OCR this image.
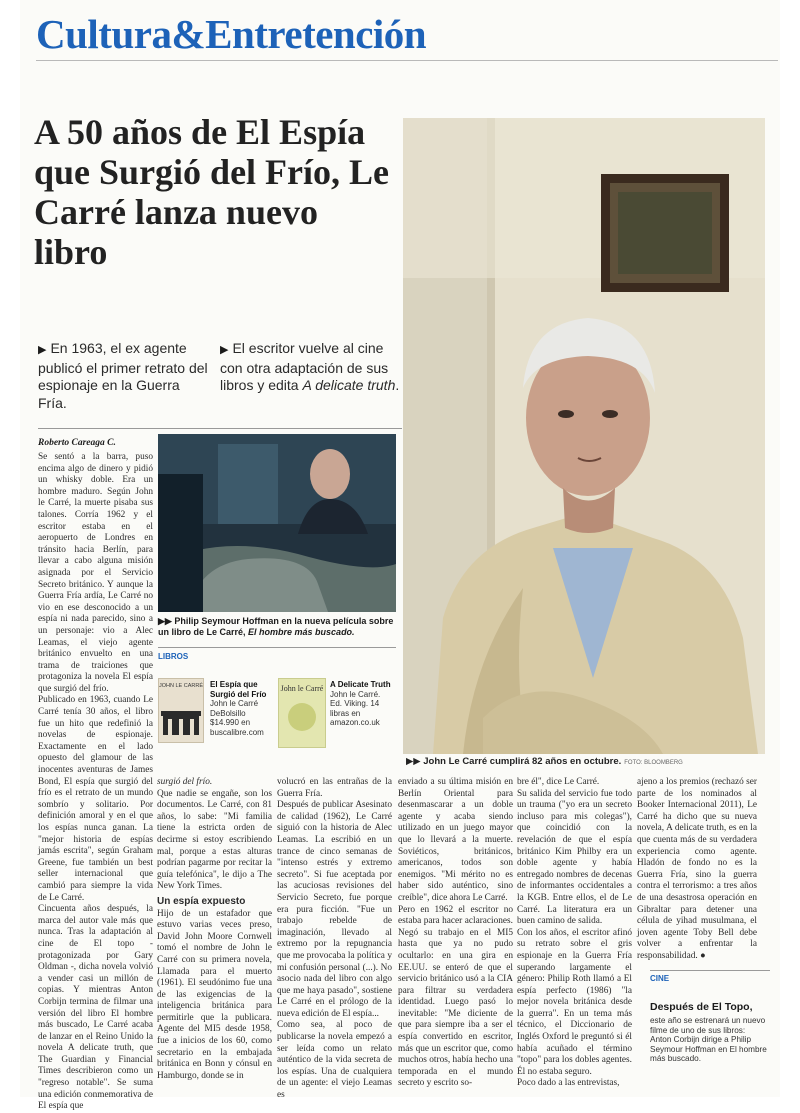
Cultura&Entretención
A 50 años de El Espía que Surgió del Frío, Le Carré lanza nuevo libro
▶ En 1963, el ex agente publicó el primer retrato del espionaje en la Guerra Fría.
▶ El escritor vuelve al cine con otra adaptación de sus libros y edita A delicate truth.
▶▶ John Le Carré cumplirá 82 años en octubre. FOTO: BLOOMBERG
Roberto Careaga C.

Se sentó a la barra, puso encima algo de dinero y pidió un whisky doble. Era un hombre maduro. Según John le Carré, la muerte pisaba sus talones. Corría 1962 y el escritor estaba en el aeropuerto de Londres en tránsito hacia Berlín, para llevar a cabo alguna misión asignada por el Servicio Secreto británico. Y aunque la Guerra Fría ardía, Le Carré no vio en ese desconocido a un espía ni nada parecido, sino a un personaje: vio a Alec Leamas, el viejo agente británico envuelto en una trama de traiciones que protagoniza la novela El espía que surgió del frío.

Publicado en 1963, cuando Le Carré tenía 30 años, el libro fue un hito que redefinió la novelas de espionaje. Exactamente en el lado opuesto del glamour de las inocentes aventuras de James Bond, El espía que surgió del frío es el retrato de un mundo sombrío y solitario. Por definición amoral y en el que los espías nunca ganan. La "mejor historia de espías jamás escrita", según Graham Greene, fue también un best seller internacional que cambió para siempre la vida de Le Carré.

Cincuenta años después, la marca del autor vale más que nunca. Tras la adaptación al cine de El topo - protagonizada por Gary Oldman -, dicha novela volvió a vender casi un millón de copias. Y mientras Anton Corbijn termina de filmar una versión del libro El hombre más buscado, Le Carré acaba de lanzar en el Reino Unido la novela A delicate truth, que The Guardian y Financial Times describieron como un "regreso notable". Se suma una edición conmemorativa de El espía que

▶▶ Philip Seymour Hoffman en la nueva película sobre un libro de Le Carré, El hombre más buscado.
LIBROS
JOHN LE CARRÉ El Espía que Surgió del Frío
John le Carré DeBolsillo $14.990 en buscalibre.com
John le Carré A Delicate Truth
John le Carré. Ed. Viking. 14 libras en amazon.co.uk

surgió del frío.

Que nadie se engañe, son los documentos. Le Carré, con 81 años, lo sabe: "Mi familia tiene la estricta orden de decirme si estoy escribiendo mal, porque a estas alturas podrían pagarme por recitar la guía telefónica", le dijo a The New York Times.

Un espía expuesto

Hijo de un estafador que estuvo varias veces preso, David John Moore Cornwell tomó el nombre de John le Carré con su primera novela, Llamada para el muerto (1961). El seudónimo fue una de las exigencias de la inteligencia británica para permitirle que la publicara. Agente del MI5 desde 1958, fue a inicios de los 60, como secretario en la embajada británica en Bonn y cónsul en Hamburgo, donde se in

volucró en las entrañas de la Guerra Fría.

Después de publicar Asesinato de calidad (1962), Le Carré siguió con la historia de Alec Leamas. La escribió en un trance de cinco semanas de "intenso estrés y extremo secreto". Si fue aceptada por las acuciosas revisiones del Servicio Secreto, fue porque era pura ficción. "Fue un trabajo rebelde de imaginación, llevado al extremo por la repugnancia que me provocaba la política y mi confusión personal (...). No asocio nada del libro con algo que me haya pasado", sostiene Le Carré en el prólogo de la nueva edición de El espía...

Como sea, al poco de publicarse la novela empezó a ser leída como un relato auténtico de la vida secreta de los espías. Una de cualquiera de un agente: el viejo Leamas es

enviado a su última misión en Berlín Oriental para desenmascarar a un doble agente y acaba siendo utilizado en un juego mayor que lo llevará a la muerte. Soviéticos, británicos, americanos, todos son enemigos. "Mi mérito no es haber sido auténtico, sino creíble", dice ahora Le Carré.

Pero en 1962 el escritor no estaba para hacer aclaraciones. Negó su trabajo en el MI5 hasta que ya no pudo ocultarlo: en una gira en EE.UU. se enteró de que el servicio británico usó a la CIA para filtrar su verdadera identidad. Luego pasó lo inevitable: "Me diciente de que para siempre iba a ser el espía convertido en escritor, más que un escritor que, como muchos otros, había hecho una temporada en el mundo secreto y escrito so-

bre él", dice Le Carré.

Su salida del servicio fue todo un trauma ("yo era un secreto incluso para mis colegas"), que coincidió con la revelación de que el espía británico Kim Philby era un doble agente y había entregado nombres de decenas de informantes occidentales a la KGB. Entre ellos, el de Le Carré. La literatura era un buen camino de salida.

Con los años, el escritor afinó su retrato sobre el gris espionaje en la Guerra Fría superando largamente el género: Philip Roth llamó a El espía perfecto (1986) "la mejor novela británica desde la guerra". En un tema más técnico, el Diccionario de Inglés Oxford le preguntó si él había acuñado el término "topo" para los dobles agentes. Él no estaba seguro.

Poco dado a las entrevistas,

ajeno a los premios (rechazó ser parte de los nominados al Booker Internacional 2011), Le Carré ha dicho que su nueva novela, A delicate truth, es en la que cuenta más de su verdadera experiencia como agente. Hladón de fondo no es la Guerra Fría, sino la guerra contra el terrorismo: a tres años de una desastrosa operación en Gibraltar para detener una célula de yihad musulmana, el joven agente Toby Bell debe volver a enfrentar la responsabilidad. ●

CINE
Después de El Topo,
este año se estrenará un nuevo filme de uno de sus libros: Anton Corbijn dirige a Philip Seymour Hoffman en El hombre más buscado.
